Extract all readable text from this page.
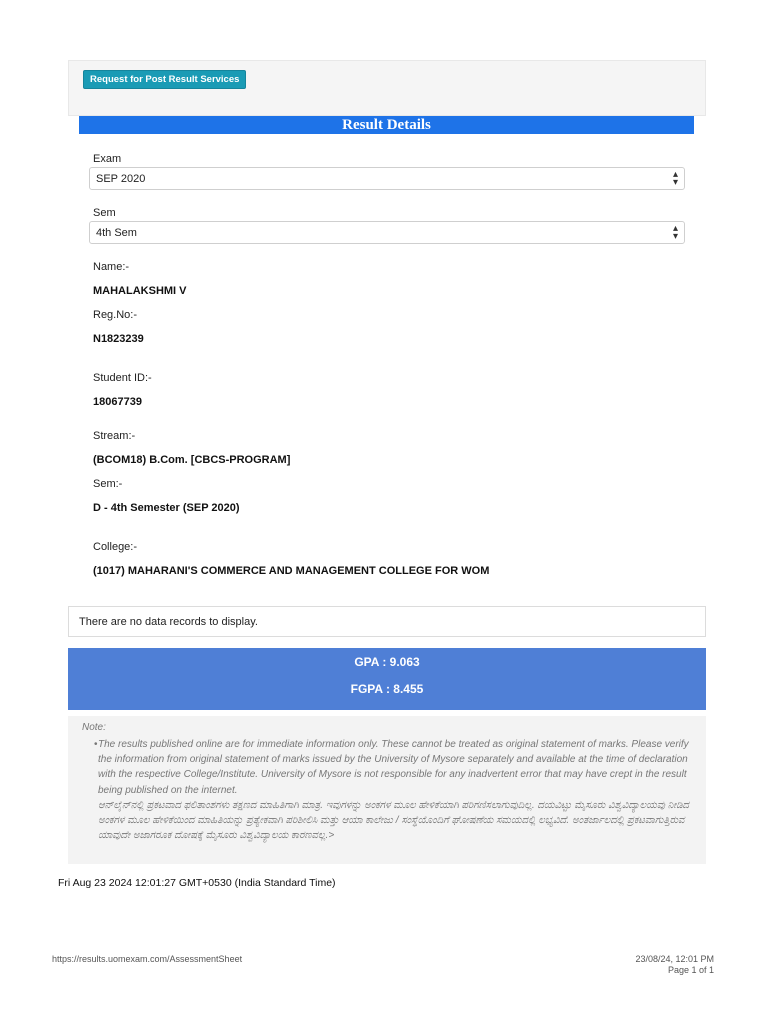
Request for Post Result Services
Result Details
Exam
SEP 2020	▴
▾
Sem
4th Sem	▴
▾
Name:-
MAHALAKSHMI V
Reg.No:-
N1823239
Student ID:-
18067739
Stream:-
(BCOM18) B.Com. [CBCS-PROGRAM]
Sem:-
D - 4th Semester (SEP 2020)
College:-
(1017) MAHARANI'S COMMERCE AND MANAGEMENT COLLEGE FOR WOM
There are no data records to display.
GPA : 9.063
FGPA : 8.455
Note:
• The results published online are for immediate information only. These cannot be treated as original statement of marks. Please verify the information from original statement of marks issued by the University of Mysore separately and available at the time of declaration with the respective College/Institute. University of Mysore is not responsible for any inadvertent error that may have crept in the result being published on the internet.
ಆನ್‌ಲೈನ್‌ನಲ್ಲಿ ಪ್ರಕಟವಾದ ಫಲಿತಾಂಶಗಳು ತಕ್ಷಣದ ಮಾಹಿತಿಗಾಗಿ ಮಾತ್ರ. ಇವುಗಳನ್ನು ಅಂಕಗಳ ಮೂಲ ಹೇಳಿಕೆಯಾಗಿ ಪರಿಗಣಿಸಲಾಗುವುದಿಲ್ಲ. ದಯವಿಟ್ಟು ಮೈಸೂರು ವಿಶ್ವವಿದ್ಯಾಲಯವು ನೀಡಿದ ಅಂಕಗಳ ಮೂಲ ಹೇಳಿಕೆಯಿಂದ ಮಾಹಿತಿಯನ್ನು ಪ್ರತ್ಯೇಕವಾಗಿ ಪರಿಶೀಲಿಸಿ ಮತ್ತು ಆಯಾ ಕಾಲೇಜು / ಸಂಸ್ಥೆಯೊಂದಿಗೆ ಘೋಷಣೆಯ ಸಮಯದಲ್ಲಿ ಲಭ್ಯವಿದೆ. ಅಂತರ್ಜಾಲದಲ್ಲಿ ಪ್ರಕಟವಾಗುತ್ತಿರುವ ಯಾವುದೇ ಅಜಾಗರೂಕ ದೋಷಕ್ಕೆ ಮೈಸೂರು ವಿಶ್ವವಿದ್ಯಾಲಯ ಕಾರಣವಲ್ಲ.>
Fri Aug 23 2024 12:01:27 GMT+0530 (India Standard Time)
https://results.uomexam.com/AssessmentSheet	23/08/24, 12:01 PM
Page 1 of 1
